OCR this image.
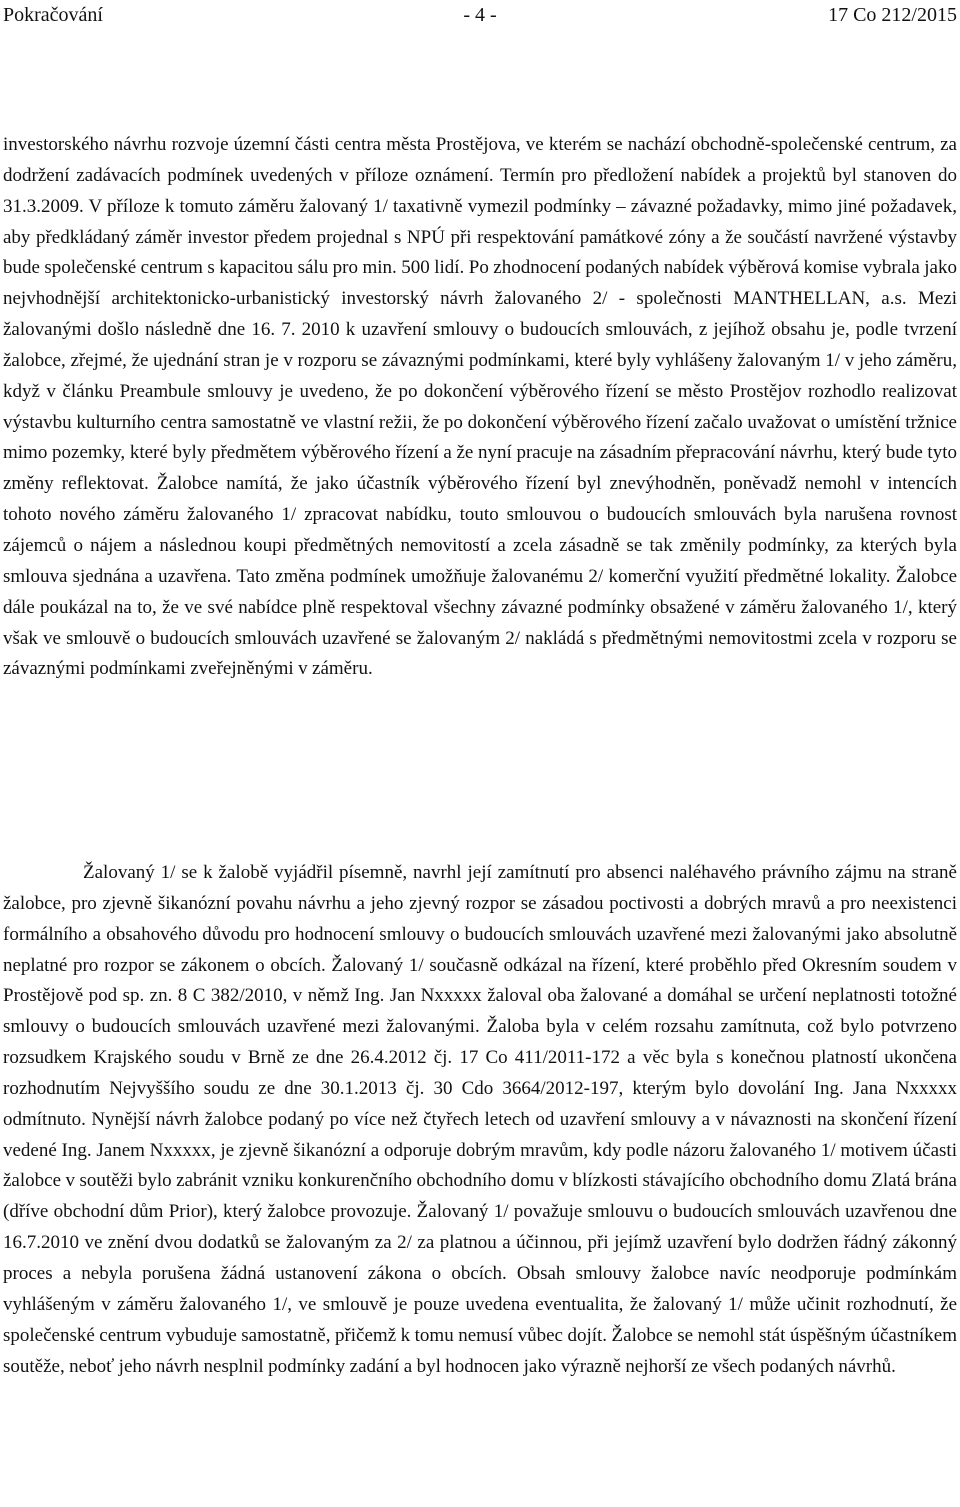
Pokračování	- 4 -	17 Co 212/2015

investorského návrhu rozvoje územní části centra města Prostějova, ve kterém se nachází obchodně-společenské centrum, za dodržení zadávacích podmínek uvedených v příloze oznámení. Termín pro předložení nabídek a projektů byl stanoven do 31.3.2009. V příloze k tomuto záměru žalovaný 1/ taxativně vymezil podmínky – závazné požadavky, mimo jiné požadavek, aby předkládaný záměr investor předem projednal s NPÚ při respektování památkové zóny a že součástí navržené výstavby bude společenské centrum s kapacitou sálu pro min. 500 lidí. Po zhodnocení podaných nabídek výběrová komise vybrala jako nejvhodnější architektonicko-urbanistický investorský návrh žalovaného 2/ - společnosti MANTHELLAN, a.s. Mezi žalovanými došlo následně dne 16. 7. 2010 k uzavření smlouvy o budoucích smlouvách, z jejíhož obsahu je, podle tvrzení žalobce, zřejmé, že ujednání stran je v rozporu se závaznými podmínkami, které byly vyhlášeny žalovaným 1/ v jeho záměru, když v článku Preambule smlouvy je uvedeno, že po dokončení výběrového řízení se město Prostějov rozhodlo realizovat výstavbu kulturního centra samostatně ve vlastní režii, že po dokončení výběrového řízení začalo uvažovat o umístění tržnice mimo pozemky, které byly předmětem výběrového řízení a že nyní pracuje na zásadním přepracování návrhu, který bude tyto změny reflektovat. Žalobce namítá, že jako účastník výběrového řízení byl znevýhodněn, poněvadž nemohl v intencích tohoto nového záměru žalovaného 1/ zpracovat nabídku, touto smlouvou o budoucích smlouvách byla narušena rovnost zájemců o nájem a následnou koupi předmětných nemovitostí a zcela zásadně se tak změnily podmínky, za kterých byla smlouva sjednána a uzavřena. Tato změna podmínek umožňuje žalovanému 2/ komerční využití předmětné lokality. Žalobce dále poukázal na to, že ve své nabídce plně respektoval všechny závazné podmínky obsažené v záměru žalovaného 1/, který však ve smlouvě o budoucích smlouvách uzavřené se žalovaným 2/ nakládá s předmětnými nemovitostmi zcela v rozporu se závaznými podmínkami zveřejněnými v záměru.

Žalovaný 1/ se k žalobě vyjádřil písemně, navrhl její zamítnutí pro absenci naléhavého právního zájmu na straně žalobce, pro zjevně šikanózní povahu návrhu a jeho zjevný rozpor se zásadou poctivosti a dobrých mravů a pro neexistenci formálního a obsahového důvodu pro hodnocení smlouvy o budoucích smlouvách uzavřené mezi žalovanými jako absolutně neplatné pro rozpor se zákonem o obcích. Žalovaný 1/ současně odkázal na řízení, které proběhlo před Okresním soudem v Prostějově pod sp. zn. 8 C 382/2010, v němž Ing. Jan Nxxxxx žaloval oba žalované a domáhal se určení neplatnosti totožné smlouvy o budoucích smlouvách uzavřené mezi žalovanými. Žaloba byla v celém rozsahu zamítnuta, což bylo potvrzeno rozsudkem Krajského soudu v Brně ze dne 26.4.2012 čj. 17 Co 411/2011-172 a věc byla s konečnou platností ukončena rozhodnutím Nejvyššího soudu ze dne 30.1.2013 čj. 30 Cdo 3664/2012-197, kterým bylo dovolání Ing. Jana Nxxxxx odmítnuto. Nynější návrh žalobce podaný po více než čtyřech letech od uzavření smlouvy a v návaznosti na skončení řízení vedené Ing. Janem Nxxxxx, je zjevně šikanózní a odporuje dobrým mravům, kdy podle názoru žalovaného 1/ motivem účasti žalobce v soutěži bylo zabránit vzniku konkurenčního obchodního domu v blízkosti stávajícího obchodního domu Zlatá brána (dříve obchodní dům Prior), který žalobce provozuje. Žalovaný 1/ považuje smlouvu o budoucích smlouvách uzavřenou dne 16.7.2010 ve znění dvou dodatků se žalovaným za 2/ za platnou a účinnou, při jejímž uzavření bylo dodržen řádný zákonný proces a nebyla porušena žádná ustanovení zákona o obcích. Obsah smlouvy žalobce navíc neodporuje podmínkám vyhlášeným v záměru žalovaného 1/, ve smlouvě je pouze uvedena eventualita, že žalovaný 1/ může učinit rozhodnutí, že společenské centrum vybuduje samostatně, přičemž k tomu nemusí vůbec dojít. Žalobce se nemohl stát úspěšným účastníkem soutěže, neboť jeho návrh nesplnil podmínky zadání a byl hodnocen jako výrazně nejhorší ze všech podaných návrhů.
